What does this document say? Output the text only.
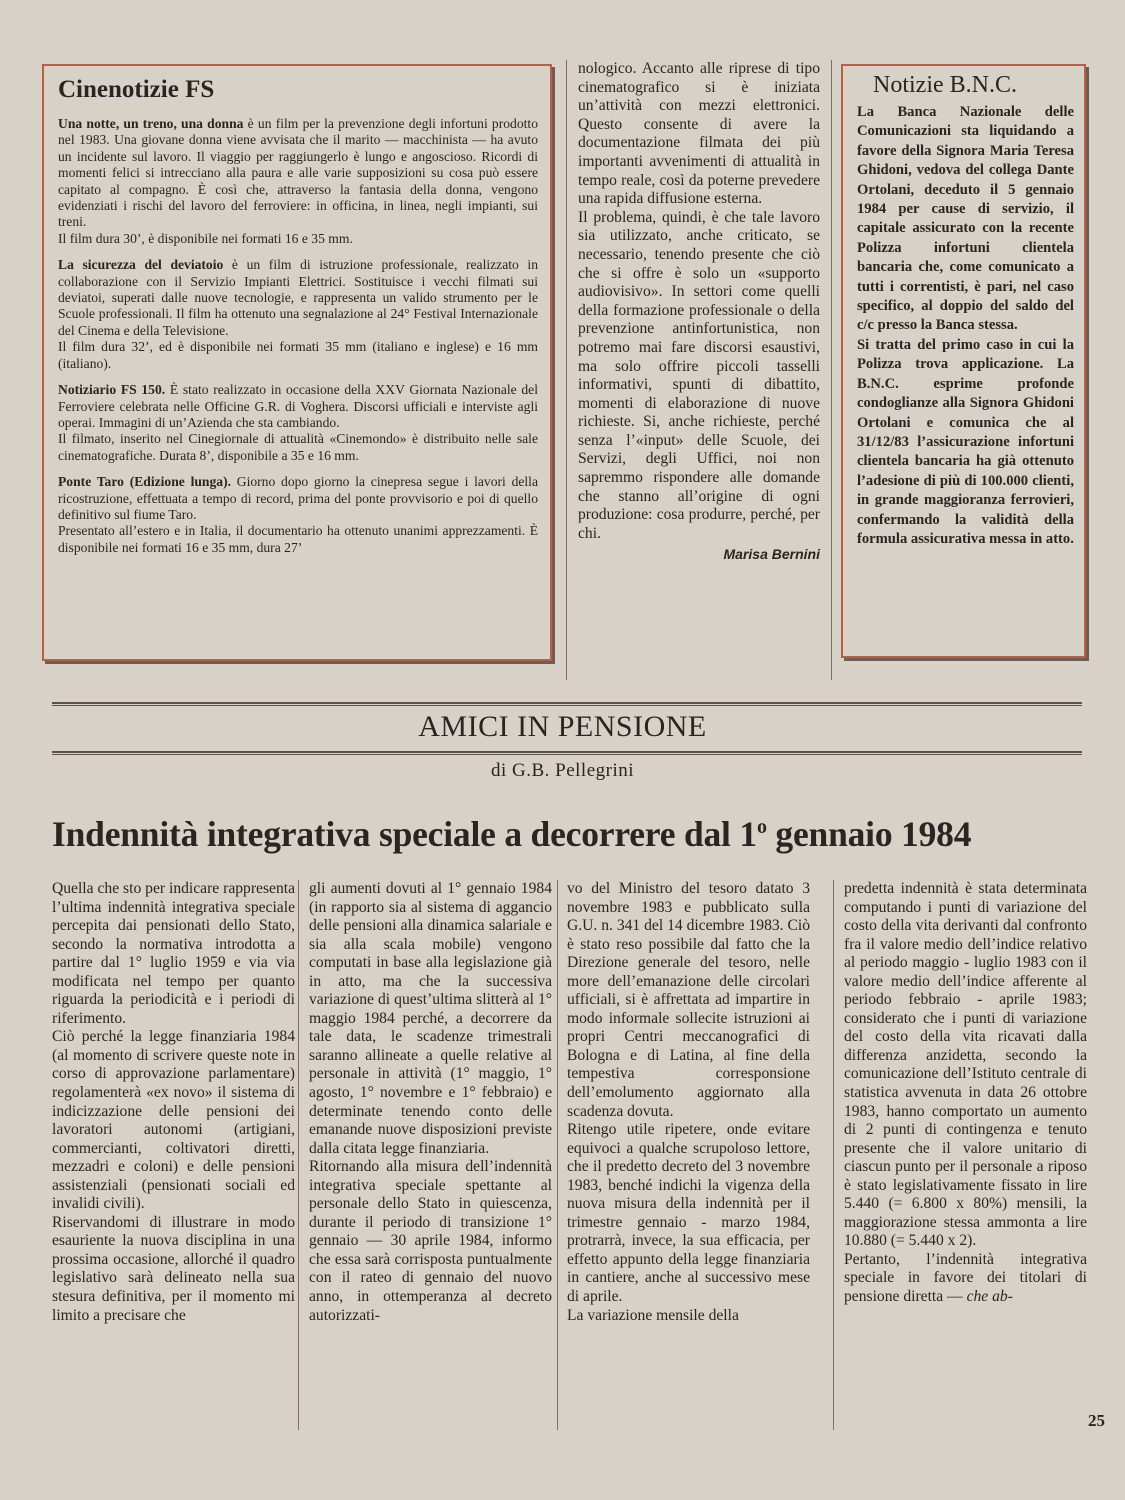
Cinenotizie FS

Una notte, un treno, una donna è un film per la prevenzione degli infortuni prodotto nel 1983. Una giovane donna viene avvisata che il marito — macchinista — ha avuto un incidente sul lavoro. Il viaggio per raggiungerlo è lungo e angoscioso. Ricordi di momenti felici si intrecciano alla paura e alle varie supposizioni su cosa può essere capitato al compagno. È così che, attraverso la fantasia della donna, vengono evidenziati i rischi del lavoro del ferroviere: in officina, in linea, negli impianti, sui treni.

Il film dura 30’, è disponibile nei formati 16 e 35 mm.

La sicurezza del deviatoio è un film di istruzione professionale, realizzato in collaborazione con il Servizio Impianti Elettrici. Sostituisce i vecchi filmati sui deviatoi, superati dalle nuove tecnologie, e rappresenta un valido strumento per le Scuole professionali. Il film ha ottenuto una segnalazione al 24° Festival Internazionale del Cinema e della Televisione.

Il film dura 32’, ed è disponibile nei formati 35 mm (italiano e inglese) e 16 mm (italiano).

Notiziario FS 150. È stato realizzato in occasione della XXV Giornata Nazionale del Ferroviere celebrata nelle Officine G.R. di Voghera. Discorsi ufficiali e interviste agli operai. Immagini di un’Azienda che sta cambiando.

Il filmato, inserito nel Cinegiornale di attualità «Cinemondo» è distribuito nelle sale cinematografiche. Durata 8’, disponibile a 35 e 16 mm.

Ponte Taro (Edizione lunga). Giorno dopo giorno la cinepresa segue i lavori della ricostruzione, effettuata a tempo di record, prima del ponte provvisorio e poi di quello definitivo sul fiume Taro.

Presentato all’estero e in Italia, il documentario ha ottenuto unanimi apprezzamenti. È disponibile nei formati 16 e 35 mm, dura 27’

nologico. Accanto alle riprese di tipo cinematografico si è iniziata un’attività con mezzi elettronici. Questo consente di avere la documentazione filmata dei più importanti avvenimenti di attualità in tempo reale, così da poterne prevedere una rapida diffusione esterna.

Il problema, quindi, è che tale lavoro sia utilizzato, anche criticato, se necessario, tenendo presente che ciò che si offre è solo un «supporto audiovisivo». In settori come quelli della formazione professionale o della prevenzione antinfortunistica, non potremo mai fare discorsi esaustivi, ma solo offrire piccoli tasselli informativi, spunti di dibattito, momenti di elaborazione di nuove richieste. Si, anche richieste, perché senza l’«input» delle Scuole, dei Servizi, degli Uffici, noi non sapremmo rispondere alle domande che stanno all’origine di ogni produzione: cosa produrre, perché, per chi.

Marisa Bernini

Notizie B.N.C.

La Banca Nazionale delle Comunicazioni sta liquidando a favore della Signora Maria Teresa Ghidoni, vedova del collega Dante Ortolani, deceduto il 5 gennaio 1984 per cause di servizio, il capitale assicurato con la recente Polizza infortuni clientela bancaria che, come comunicato a tutti i correntisti, è pari, nel caso specifico, al doppio del saldo del c/c presso la Banca stessa.

Si tratta del primo caso in cui la Polizza trova applicazione. La B.N.C. esprime profonde condoglianze alla Signora Ghidoni Ortolani e comunica che al 31/12/83 l’assicurazione infortuni clientela bancaria ha già ottenuto l’adesione di più di 100.000 clienti, in grande maggioranza ferrovieri, confermando la validità della formula assicurativa messa in atto.

AMICI IN PENSIONE
di G.B. Pellegrini
Indennità integrativa speciale a decorrere dal 1$^o$ gennaio 1984

Quella che sto per indicare rappresenta l’ultima indennità integrativa speciale percepita dai pensionati dello Stato, secondo la normativa introdotta a partire dal 1° luglio 1959 e via via modificata nel tempo per quanto riguarda la periodicità e i periodi di riferimento.

Ciò perché la legge finanziaria 1984 (al momento di scrivere queste note in corso di approvazione parlamentare) regolamenterà «ex novo» il sistema di indicizzazione delle pensioni dei lavoratori autonomi (artigiani, commercianti, coltivatori diretti, mezzadri e coloni) e delle pensioni assistenziali (pensionati sociali ed invalidi civili).

Riservandomi di illustrare in modo esauriente la nuova disciplina in una prossima occasione, allorché il quadro legislativo sarà delineato nella sua stesura definitiva, per il momento mi limito a precisare che

gli aumenti dovuti al 1° gennaio 1984 (in rapporto sia al sistema di aggancio delle pensioni alla dinamica salariale e sia alla scala mobile) vengono computati in base alla legislazione già in atto, ma che la successiva variazione di quest’ultima slitterà al 1° maggio 1984 perché, a decorrere da tale data, le scadenze trimestrali saranno allineate a quelle relative al personale in attività (1° maggio, 1° agosto, 1° novembre e 1° febbraio) e determinate tenendo conto delle emanande nuove disposizioni previste dalla citata legge finanziaria.

Ritornando alla misura dell’indennità integrativa speciale spettante al personale dello Stato in quiescenza, durante il periodo di transizione 1° gennaio — 30 aprile 1984, informo che essa sarà corrisposta puntualmente con il rateo di gennaio del nuovo anno, in ottemperanza al decreto autorizzati-

vo del Ministro del tesoro datato 3 novembre 1983 e pubblicato sulla G.U. n. 341 del 14 dicembre 1983. Ciò è stato reso possibile dal fatto che la Direzione generale del tesoro, nelle more dell’emanazione delle circolari ufficiali, si è affrettata ad impartire in modo informale sollecite istruzioni ai propri Centri meccanografici di Bologna e di Latina, al fine della tempestiva corresponsione dell’emolumento aggiornato alla scadenza dovuta.

Ritengo utile ripetere, onde evitare equivoci a qualche scrupoloso lettore, che il predetto decreto del 3 novembre 1983, benché indichi la vigenza della nuova misura della indennità per il trimestre gennaio - marzo 1984, protrarrà, invece, la sua efficacia, per effetto appunto della legge finanziaria in cantiere, anche al successivo mese di aprile.

La variazione mensile della

predetta indennità è stata determinata computando i punti di variazione del costo della vita derivanti dal confronto fra il valore medio dell’indice relativo al periodo maggio - luglio 1983 con il valore medio dell’indice afferente al periodo febbraio - aprile 1983; considerato che i punti di variazione del costo della vita ricavati dalla differenza anzidetta, secondo la comunicazione dell’Istituto centrale di statistica avvenuta in data 26 ottobre 1983, hanno comportato un aumento di 2 punti di contingenza e tenuto presente che il valore unitario di ciascun punto per il personale a riposo è stato legislativamente fissato in lire 5.440 (= 6.800 x 80%) mensili, la maggiorazione stessa ammonta a lire 10.880 (= 5.440 x 2).

Pertanto, l’indennità integrativa speciale in favore dei titolari di pensione diretta — che ab-

25
